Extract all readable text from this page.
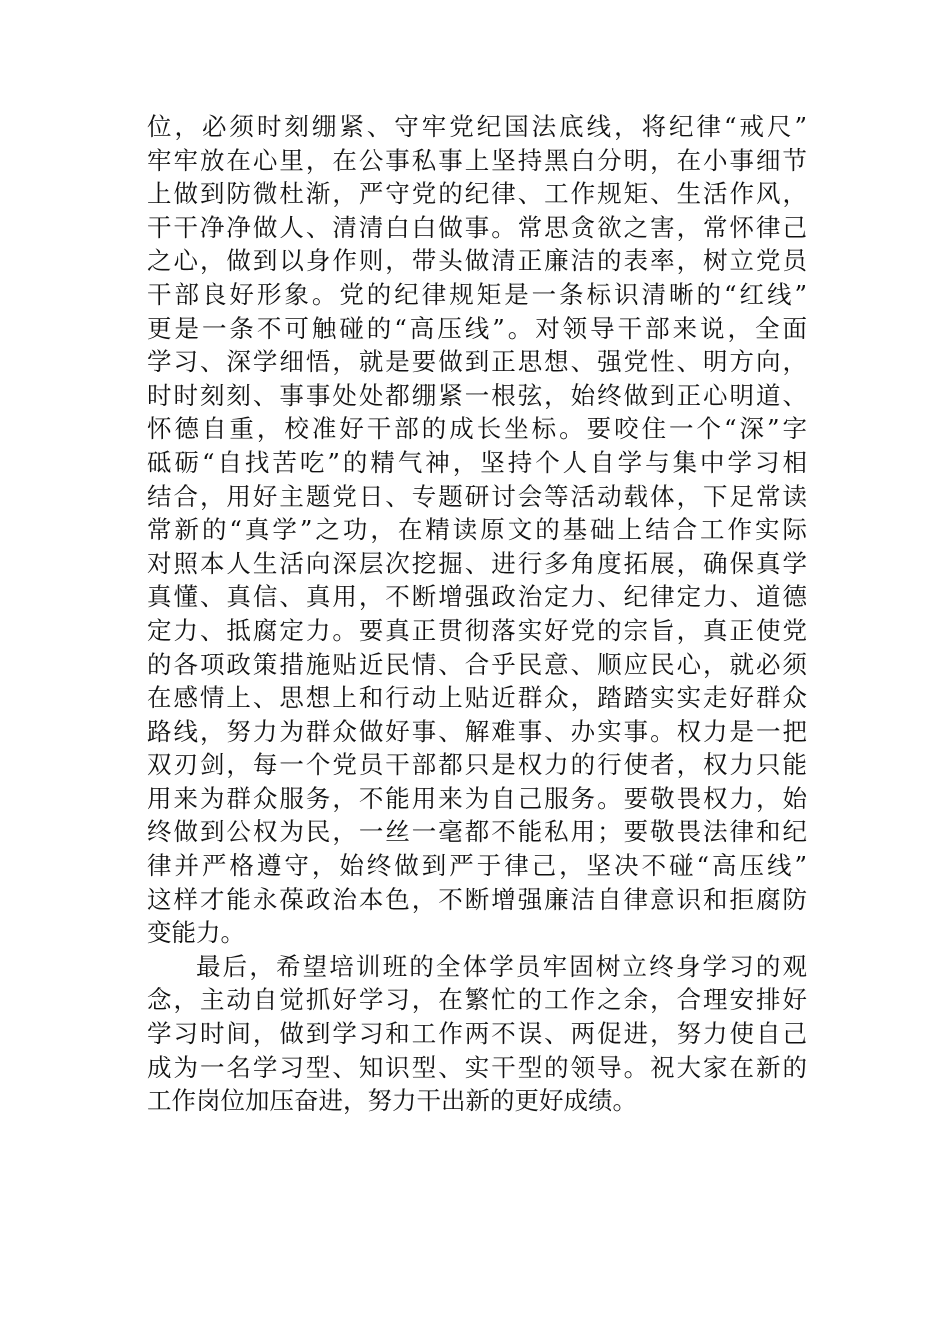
位，必须时刻绷紧、守牢党纪国法底线，将纪律“戒尺”
牢牢放在心里，在公事私事上坚持黑白分明，在小事细节
上做到防微杜渐，严守党的纪律、工作规矩、生活作风，
干干净净做人、清清白白做事。常思贪欲之害，常怀律己
之心，做到以身作则，带头做清正廉洁的表率，树立党员
干部良好形象。党的纪律规矩是一条标识清晰的“红线”
更是一条不可触碰的“高压线”。对领导干部来说，全面
学习、深学细悟，就是要做到正思想、强党性、明方向，
时时刻刻、事事处处都绷紧一根弦，始终做到正心明道、
怀德自重，校准好干部的成长坐标。要咬住一个“深”字
砥砺“自找苦吃”的精气神，坚持个人自学与集中学习相
结合，用好主题党日、专题研讨会等活动载体，下足常读
常新的“真学”之功，在精读原文的基础上结合工作实际
对照本人生活向深层次挖掘、进行多角度拓展，确保真学
真懂、真信、真用，不断增强政治定力、纪律定力、道德
定力、抵腐定力。要真正贯彻落实好党的宗旨，真正使党
的各项政策措施贴近民情、合乎民意、顺应民心，就必须
在感情上、思想上和行动上贴近群众，踏踏实实走好群众
路线，努力为群众做好事、解难事、办实事。权力是一把
双刃剑，每一个党员干部都只是权力的行使者，权力只能
用来为群众服务，不能用来为自己服务。要敬畏权力，始
终做到公权为民，一丝一毫都不能私用；要敬畏法律和纪
律并严格遵守，始终做到严于律己，坚决不碰“高压线”
这样才能永葆政治本色，不断增强廉洁自律意识和拒腐防
变能力。
最后，希望培训班的全体学员牢固树立终身学习的观
念，主动自觉抓好学习，在繁忙的工作之余，合理安排好
学习时间，做到学习和工作两不误、两促进，努力使自己
成为一名学习型、知识型、实干型的领导。祝大家在新的
工作岗位加压奋进，努力干出新的更好成绩。
